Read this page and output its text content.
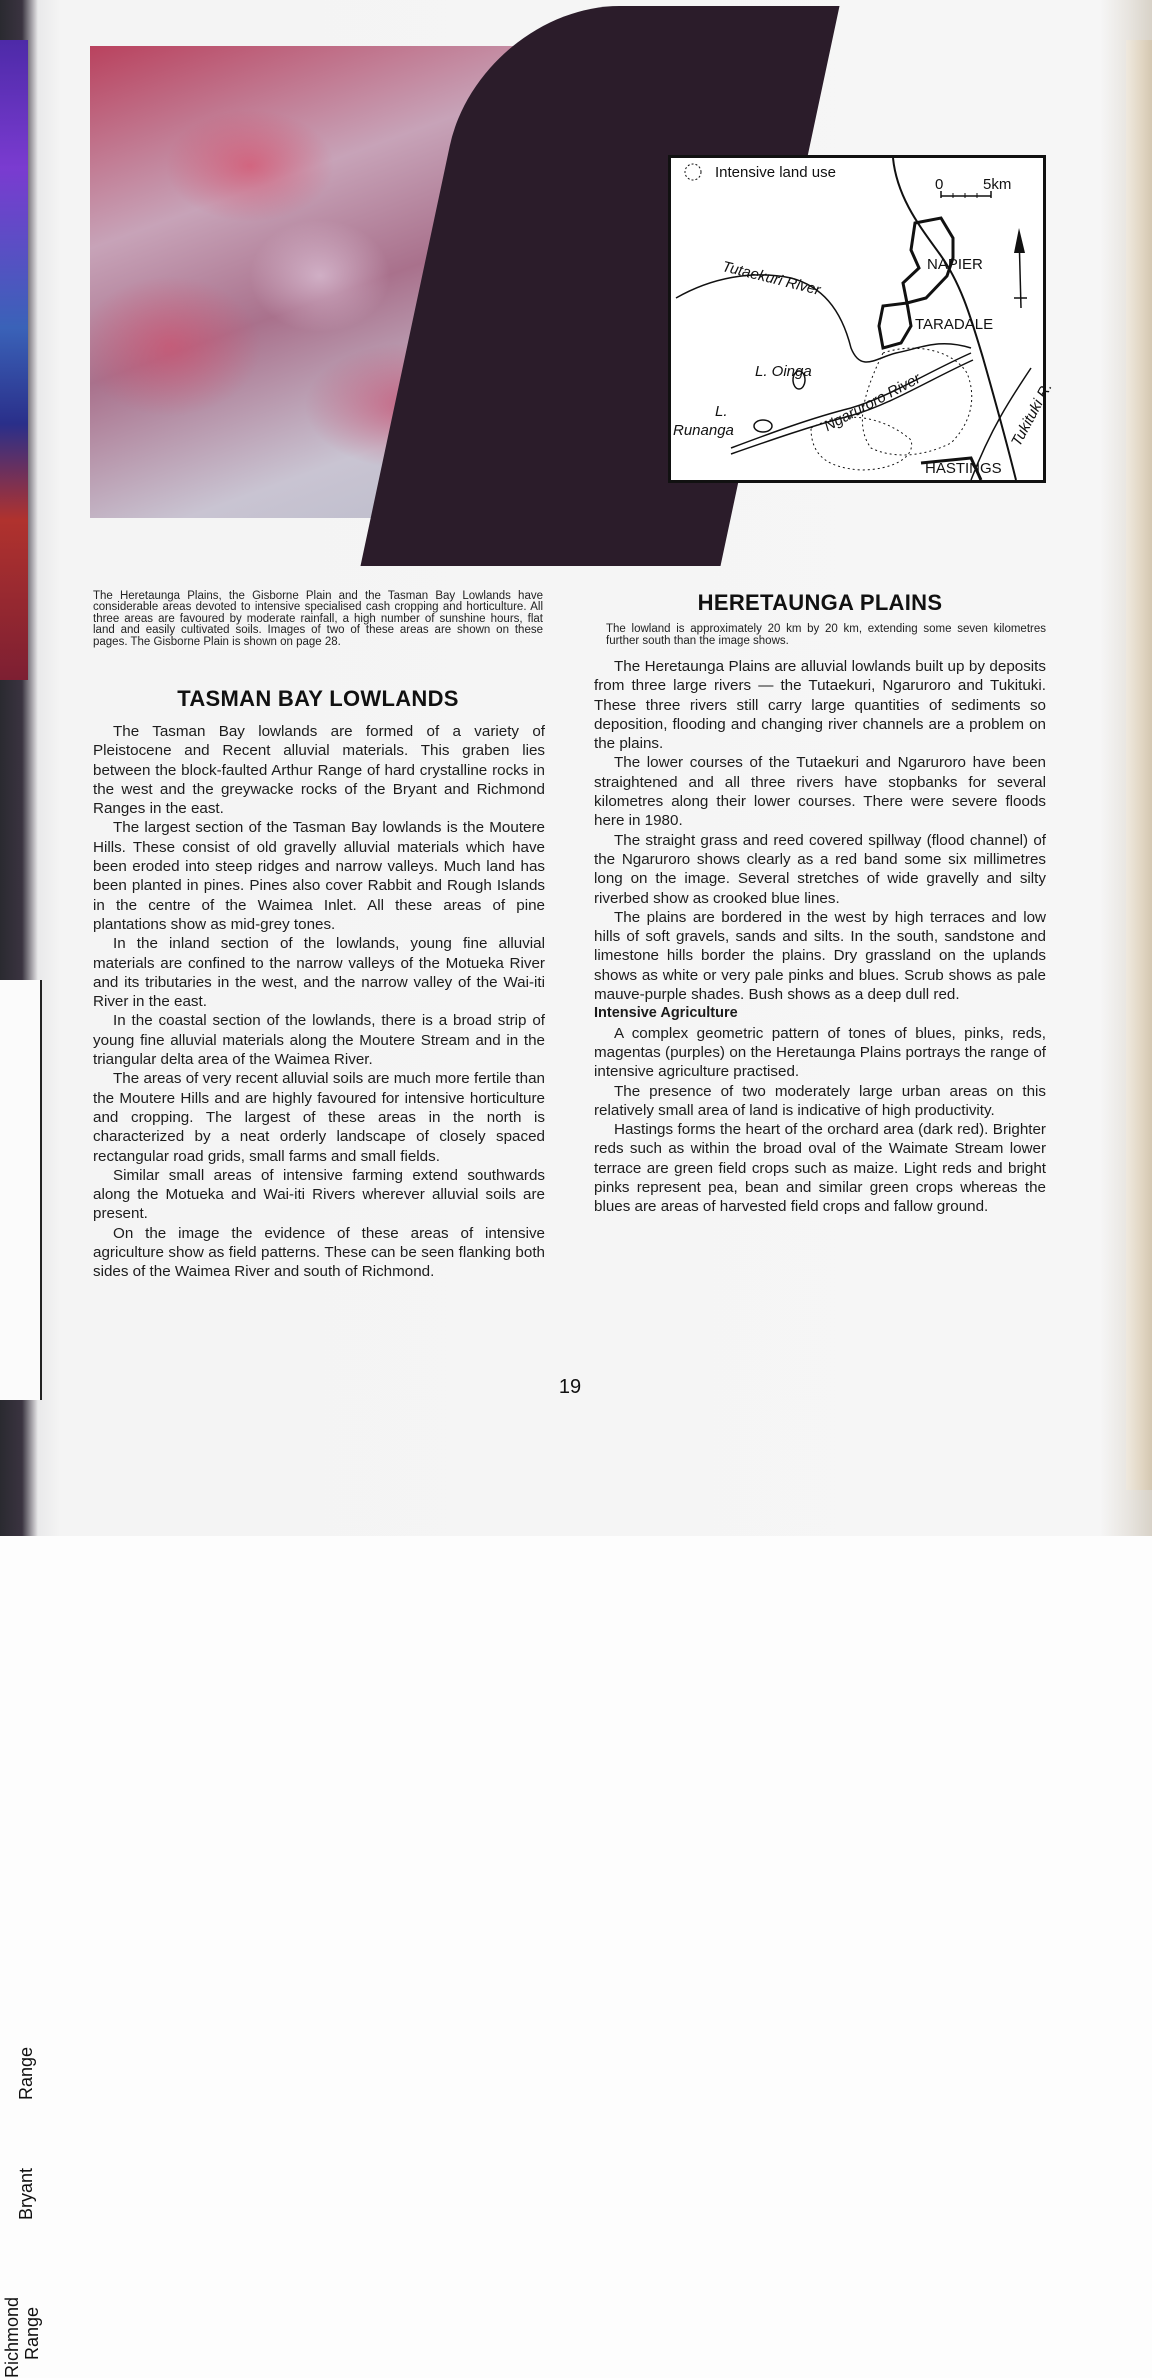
Range
Bryant
Richmond Range
Intensive land use
0	5km
NAPIER
TARADALE
HASTINGS
Tutaekuri River
Ngaruroro River	Tukituki R.
L. Oinga
L.
Runanga
The Heretaunga Plains, the Gisborne Plain and the Tasman Bay Lowlands have considerable areas devoted to intensive specialised cash cropping and horticulture. All three areas are favoured by moderate rainfall, a high number of sunshine hours, flat land and easily cultivated soils. Images of two of these areas are shown on these pages. The Gisborne Plain is shown on page 28.
TASMAN BAY LOWLANDS

The Tasman Bay lowlands are formed of a variety of Pleistocene and Recent alluvial materials. This graben lies between the block-faulted Arthur Range of hard crystalline rocks in the west and the greywacke rocks of the Bryant and Richmond Ranges in the east.

The largest section of the Tasman Bay lowlands is the Moutere Hills. These consist of old gravelly alluvial materials which have been eroded into steep ridges and narrow valleys. Much land has been planted in pines. Pines also cover Rabbit and Rough Islands in the centre of the Waimea Inlet. All these areas of pine plantations show as mid-grey tones.

In the inland section of the lowlands, young fine alluvial materials are confined to the narrow valleys of the Motueka River and its tributaries in the west, and the narrow valley of the Wai-iti River in the east.

In the coastal section of the lowlands, there is a broad strip of young fine alluvial materials along the Moutere Stream and in the triangular delta area of the Waimea River.

The areas of very recent alluvial soils are much more fertile than the Moutere Hills and are highly favoured for intensive horticulture and cropping. The largest of these areas in the north is characterized by a neat orderly landscape of closely spaced rectangular road grids, small farms and small fields.

Similar small areas of intensive farming extend southwards along the Motueka and Wai-iti Rivers wherever alluvial soils are present.

On the image the evidence of these areas of intensive agriculture show as field patterns. These can be seen flanking both sides of the Waimea River and south of Richmond.

HERETAUNGA PLAINS
The lowland is approximately 20 km by 20 km, extending some seven kilometres further south than the image shows.

The Heretaunga Plains are alluvial lowlands built up by deposits from three large rivers — the Tutaekuri, Ngaruroro and Tukituki. These three rivers still carry large quantities of sediments so deposition, flooding and changing river channels are a problem on the plains.

The lower courses of the Tutaekuri and Ngaruroro have been straightened and all three rivers have stopbanks for several kilometres along their lower courses. There were severe floods here in 1980.

The straight grass and reed covered spillway (flood channel) of the Ngaruroro shows clearly as a red band some six millimetres long on the image. Several stretches of wide gravelly and silty riverbed show as crooked blue lines.

The plains are bordered in the west by high terraces and low hills of soft gravels, sands and silts. In the south, sandstone and limestone hills border the plains. Dry grassland on the uplands shows as white or very pale pinks and blues. Scrub shows as pale mauve-purple shades. Bush shows as a deep dull red.

Intensive Agriculture

A complex geometric pattern of tones of blues, pinks, reds, magentas (purples) on the Heretaunga Plains portrays the range of intensive agriculture practised.

The presence of two moderately large urban areas on this relatively small area of land is indicative of high productivity.

Hastings forms the heart of the orchard area (dark red). Brighter reds such as within the broad oval of the Waimate Stream lower terrace are green field crops such as maize. Light reds and bright pinks represent pea, bean and similar green crops whereas the blues are areas of harvested field crops and fallow ground.

19
